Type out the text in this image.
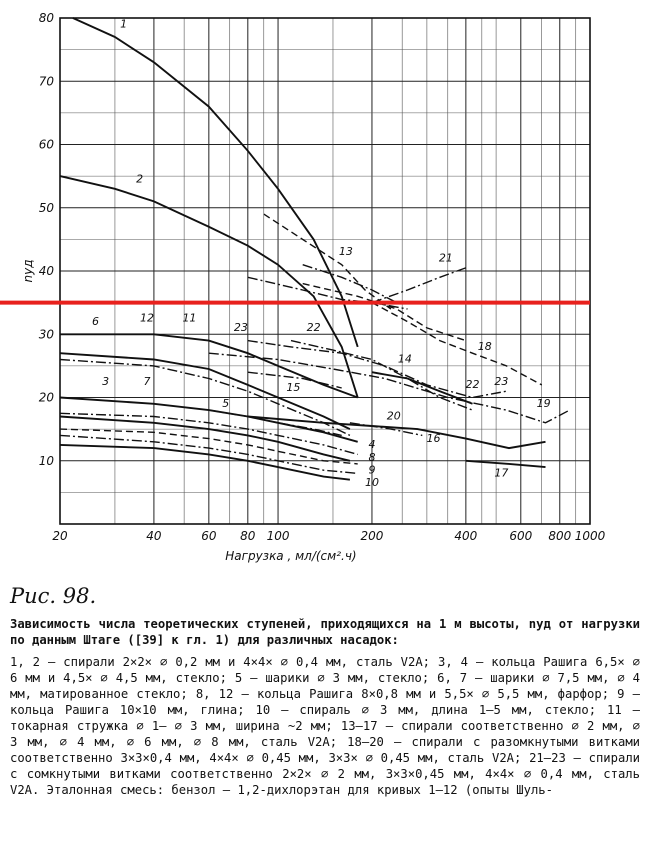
10
20
30
40
50
60
70
80
20	40	60 80 100	200	400	600 800 1000
1
2
3
4
5
6
7
8
9
10
11
12
13
14
15
16
17
18
19
20
21
22
23
22 23
nуд
Нагрузка , мл/(см².ч)
Рис. 98.

Зависимость числа теоретических ступеней, приходящихся на 1 м высоты, nуд от нагрузки по данным Штаге ([39] к гл. 1) для различных насадок:

1, 2 — спирали 2×2× ⌀ 0,2 мм и 4×4× ⌀ 0,4 мм, сталь V2A; 3, 4 — кольца Рашига 6,5× ⌀ 6 мм и 4,5× ⌀ 4,5 мм, стекло; 5 — шарики ⌀ 3 мм, стекло; 6, 7 — шарики ⌀ 7,5 мм, ⌀ 4 мм, матированное стекло; 8, 12 — кольца Рашига 8×0,8 мм и 5,5× ⌀ 5,5 мм, фарфор; 9 — кольца Рашига 10×10 мм, глина; 10 — спираль ⌀ 3 мм, длина 1—5 мм, стекло; 11 — токарная стружка ⌀ 1— ⌀ 3 мм, ширина ~2 мм; 13—17 — спирали соответственно ⌀ 2 мм, ⌀ 3 мм, ⌀ 4 мм, ⌀ 6 мм, ⌀ 8 мм, сталь V2A; 18—20 — спирали с разомкнутыми витками соответственно 3×3×0,4 мм, 4×4× ⌀ 0,45 мм, 3×3× ⌀ 0,45 мм, сталь V2A; 21—23 — спирали с сомкнутыми витками соответственно 2×2× ⌀ 2 мм, 3×3×0,45 мм, 4×4× ⌀ 0,4 мм, сталь V2A. Эталонная смесь: бензол — 1,2-дихлорэтан для кривых 1—12 (опыты Шуль-
